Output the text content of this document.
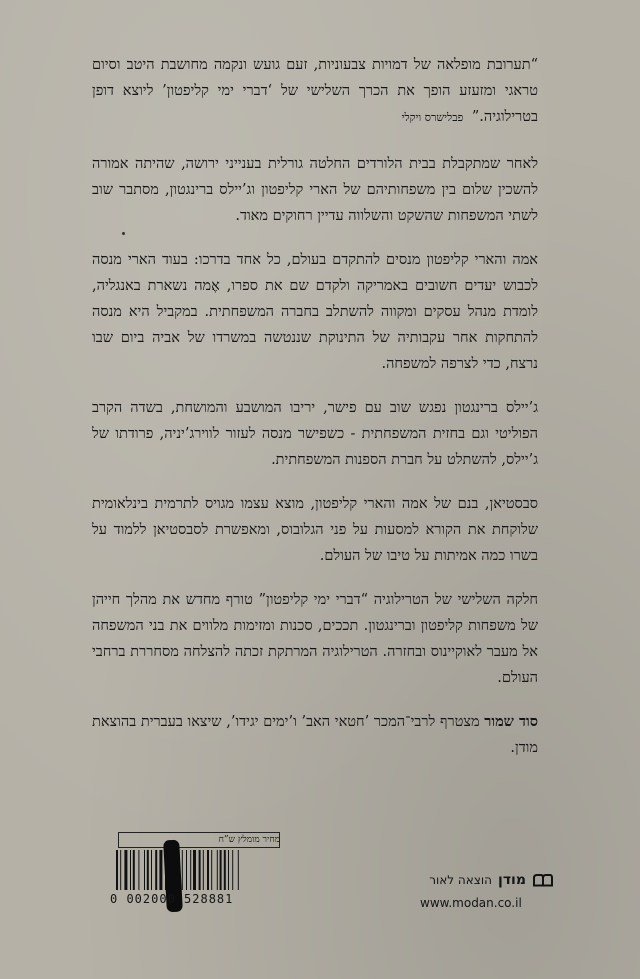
“תערובת מופלאה של דמויות צבעוניות, זעם גועש ונקמה מחושבת היטב וסיום טראגי ומזעזע הופך את הכרך השלישי של ‘דברי ימי קליפטון’ ליוצא דופן בטרילוגיה.” פבלישרס ויקלי

לאחר שמתקבלת בבית הלורדים החלטה גורלית בענייני ירושה, שהיתה אמורה להשכין שלום בין משפחותיהם של הארי קליפטון וג’יילס ברינגטון, מסתבר שוב לשתי המשפחות שהשקט והשלווה עדיין רחוקים מאוד.

אמה והארי קליפטון מנסים להתקדם בעולם, כל אחד בדרכו: בעוד הארי מנסה לכבוש יעדים חשובים באמריקה ולקדם שם את ספרו, אֶמה נשארת באנגליה, לומדת מנהל עסקים ומקווה להשתלב בחברה המשפחתית. במקביל היא מנסה להתחקות אחר עקבותיה של התינוקת שננטשה במשרדו של אביה ביום שבו נרצח, כדי לצרפה למשפחה.

ג’יילס ברינגטון נפגש שוב עם פישר, יריבו המושבע והמושחת, בשדה הקרב הפוליטי וגם בחזית המשפחתית - כשפישר מנסה לעזור לווירג’יניה, פרודתו של ג’יילס, להשתלט על חברת הספנות המשפחתית.

סבסטיאן, בנם של אמה והארי קליפטון, מוצא עצמו מגויס לתרמית בינלאומית שלוקחת את הקורא למסעות על פני הגלובוס, ומאפשרת לסבסטיאן ללמוד על בשרו כמה אמיתות על טיבו של העולם.

חלקה השלישי של הטרילוגיה “דברי ימי קליפטון” טורף מחדש את מהלך חייהן של משפחות קליפטון וברינגטון. תככים, סכנות ומזימות מלווים את בני המשפחה אל מעבר לאוקיינוס ובחזרה. הטרילוגיה המרתקת זכתה להצלחה מסחררת ברחבי העולם.

סוד שמור מצטרף לרבי־המכר ’חטאי האב’ ו’ימים יגידו’, שיצאו בעברית בהוצאת מודן.

מחיר מומלץ ש”ח
0 002000 528881
מודן
הוצאה לאור
www.modan.co.il
